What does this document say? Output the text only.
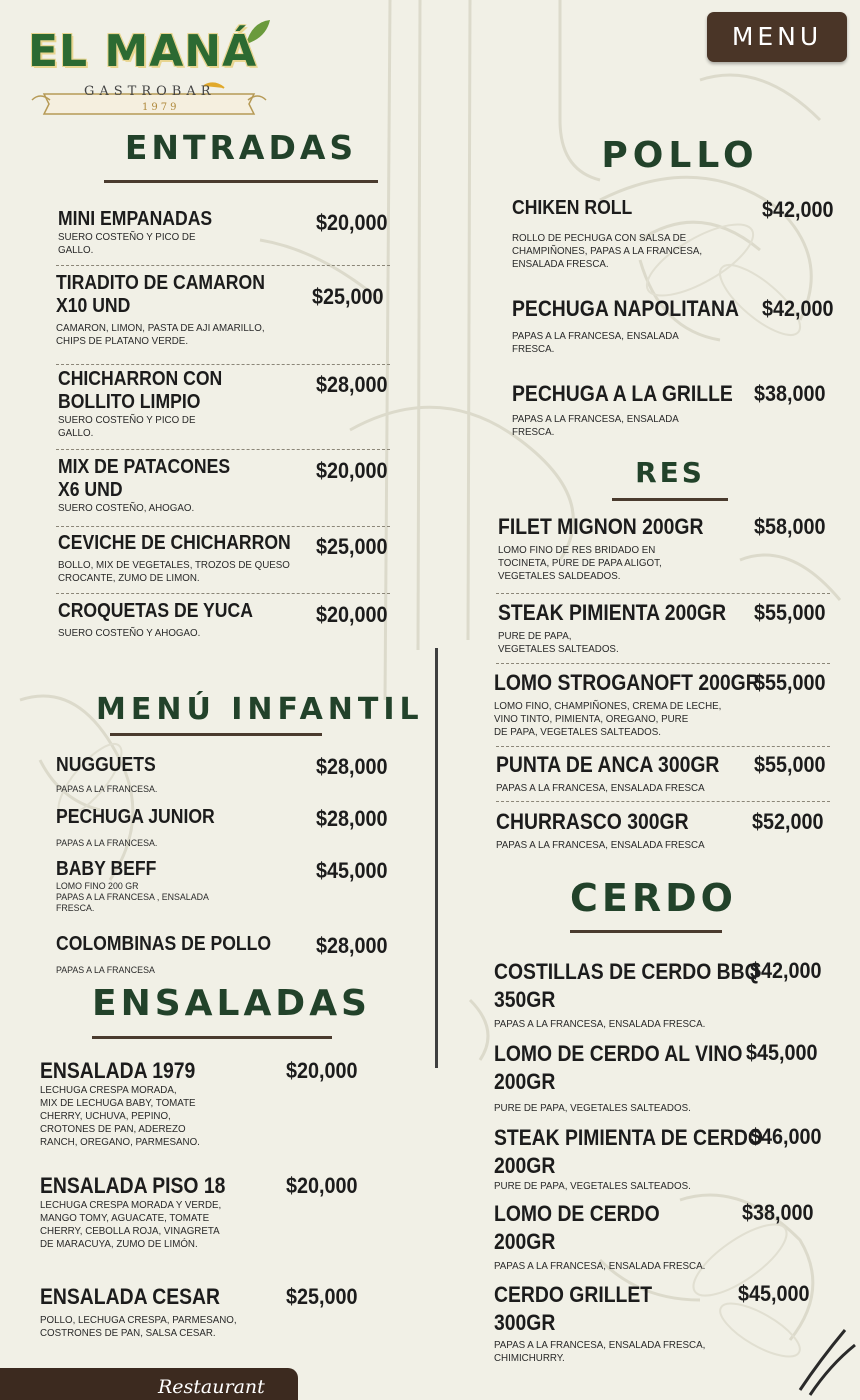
EL MANÁ
GASTROBAR
1979
MENU
ENTRADAS
MENÚ INFANTIL
ENSALADAS
POLLO
RES
CERDO
MINI EMPANADAS	$20,000
SUERO COSTEÑO Y PICO DE
GALLO.
TIRADITO DE CAMARON
X10 UND	$25,000
CAMARON, LIMON, PASTA DE AJI AMARILLO,
CHIPS DE PLATANO VERDE.
CHICHARRON CON
BOLLITO LIMPIO
$28,000
SUERO COSTEÑO Y PICO DE
GALLO.
MIX DE PATACONES
X6 UND
$20,000
SUERO COSTEÑO, AHOGAO.
CEVICHE DE CHICHARRON	$25,000
BOLLO, MIX DE VEGETALES, TROZOS DE QUESO
CROCANTE, ZUMO DE LIMON.
CROQUETAS DE YUCA	$20,000
SUERO COSTEÑO Y AHOGAO.
NUGGUETS	$28,000
PAPAS A LA FRANCESA.
PECHUGA JUNIOR	$28,000
PAPAS A LA FRANCESA.
BABY BEFF	$45,000
LOMO FINO 200 GR
PAPAS A LA FRANCESA , ENSALADA
FRESCA.
COLOMBINAS DE POLLO	$28,000
PAPAS A LA FRANCESA
ENSALADA 1979	$20,000
LECHUGA CRESPA MORADA,
MIX DE LECHUGA BABY, TOMATE
CHERRY, UCHUVA, PEPINO,
CROTONES DE PAN, ADEREZO
RANCH, OREGANO, PARMESANO.
ENSALADA PISO 18	$20,000
LECHUGA CRESPA MORADA Y VERDE,
MANGO TOMY, AGUACATE, TOMATE
CHERRY, CEBOLLA ROJA, VINAGRETA
DE MARACUYA, ZUMO DE LIMÓN.
ENSALADA CESAR	$25,000
POLLO, LECHUGA CRESPA, PARMESANO,
COSTRONES DE PAN, SALSA CESAR.
CHIKEN ROLL	$42,000
ROLLO DE PECHUGA CON SALSA DE
CHAMPIÑONES, PAPAS A LA FRANCESA,
ENSALADA FRESCA.
PECHUGA NAPOLITANA	$42,000
PAPAS A LA FRANCESA, ENSALADA
FRESCA.
PECHUGA A LA GRILLE $38,000
PAPAS A LA FRANCESA, ENSALADA
FRESCA.
FILET MIGNON 200GR	$58,000
LOMO FINO DE RES BRIDADO EN
TOCINETA, PURE DE PAPA ALIGOT,
VEGETALES SALDEADOS.
STEAK PIMIENTA 200GR	$55,000
PURE DE PAPA,
VEGETALES SALTEADOS.
LOMO STROGANOFT 200GR
$55,000
LOMO FINO, CHAMPIÑONES, CREMA DE LECHE,
VINO TINTO, PIMIENTA, OREGANO, PURE
DE PAPA, VEGETALES SALTEADOS.
PUNTA DE ANCA 300GR	$55,000
PAPAS A LA FRANCESA, ENSALADA FRESCA
CHURRASCO 300GR	$52,000
PAPAS A LA FRANCESA, ENSALADA FRESCA
COSTILLAS DE CERDO BBQ
350GR
$42,000
PAPAS A LA FRANCESA, ENSALADA FRESCA.
LOMO DE CERDO AL VINO
200GR
$45,000
PURE DE PAPA, VEGETALES SALTEADOS.
STEAK PIMIENTA DE CERDO
200GR
$46,000
PURE DE PAPA, VEGETALES SALTEADOS.
LOMO DE CERDO
200GR
$38,000
PAPAS A LA FRANCESA, ENSALADA FRESCA.
CERDO GRILLET
300GR
$45,000
PAPAS A LA FRANCESA, ENSALADA FRESCA,
CHIMICHURRY.
Restaurant
